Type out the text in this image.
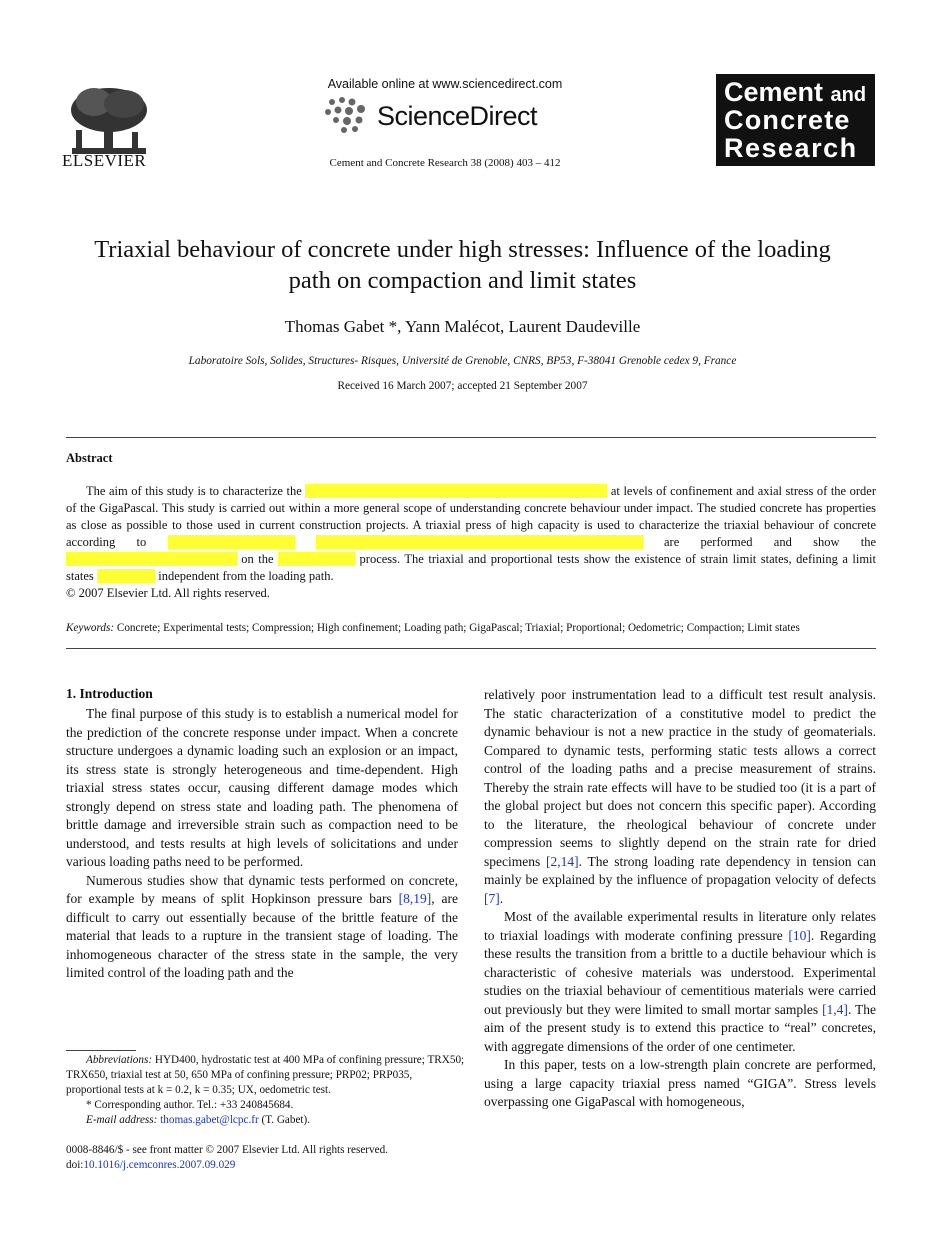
ELSEVIER
Available online at www.sciencedirect.com
ScienceDirect
Cement and Concrete Research 38 (2008) 403 – 412
Cement and
Concrete
Research
Triaxial behaviour of concrete under high stresses: Influence of the loading
path on compaction and limit states
Thomas Gabet *, Yann Malécot, Laurent Daudeville
Laboratoire Sols, Solides, Structures- Risques, Université de Grenoble, CNRS, BP53, F-38041 Grenoble cedex 9, France
Received 16 March 2007; accepted 21 September 2007
Abstract

The aim of this study is to characterize the xxxxxxxxxxxxxxxxxxxxxxxxxxxxxxxxxxxxxxxxxxxxxxxx at levels of confinement and axial stress of the order of the GigaPascal. This study is carried out within a more general scope of understanding concrete behaviour under impact. The studied concrete has properties as close as possible to those used in current construction projects. A triaxial press of high capacity is used to characterize the triaxial behaviour of concrete according to xxxxxxxxxxxxxxxxxxxx xxxxxxxxxxxxxxxxxxxxxxxxxxxxxxxxxxxxxxxxxxxxxxxxxxxx are performed and show the xxxxxxxxxxxxxxxxxxxxxxxxxxx on the xxxxxxxxxxxx process. The triaxial and proportional tests show the existence of strain limit states, defining a limit states xxxxxxxxx independent from the loading path.

© 2007 Elsevier Ltd. All rights reserved.
Keywords: Concrete; Experimental tests; Compression; High confinement; Loading path; GigaPascal; Triaxial; Proportional; Oedometric; Compaction; Limit states
1. Introduction

The final purpose of this study is to establish a numerical model for the prediction of the concrete response under impact. When a concrete structure undergoes a dynamic loading such an explosion or an impact, its stress state is strongly heterogeneous and time-dependent. High triaxial stress states occur, causing different damage modes which strongly depend on stress state and loading path. The phenomena of brittle damage and irreversible strain such as compaction need to be understood, and tests results at high levels of solicitations and under various loading paths need to be performed.

Numerous studies show that dynamic tests performed on concrete, for example by means of split Hopkinson pressure bars [8,19], are difficult to carry out essentially because of the brittle feature of the material that leads to a rupture in the transient stage of loading. The inhomogeneous character of the stress state in the sample, the very limited control of the loading path and the

relatively poor instrumentation lead to a difficult test result analysis. The static characterization of a constitutive model to predict the dynamic behaviour is not a new practice in the study of geomaterials. Compared to dynamic tests, performing static tests allows a correct control of the loading paths and a precise measurement of strains. Thereby the strain rate effects will have to be studied too (it is a part of the global project but does not concern this specific paper). According to the literature, the rheological behaviour of concrete under compression seems to slightly depend on the strain rate for dried specimens [2,14]. The strong loading rate dependency in tension can mainly be explained by the influence of propagation velocity of defects [7].

Most of the available experimental results in literature only relates to triaxial loadings with moderate confining pressure [10]. Regarding these results the transition from a brittle to a ductile behaviour which is characteristic of cohesive materials was understood. Experimental studies on the triaxial behaviour of cementitious materials were carried out previously but they were limited to small mortar samples [1,4]. The aim of the present study is to extend this practice to “real” concretes, with aggregate dimensions of the order of one centimeter.

In this paper, tests on a low-strength plain concrete are performed, using a large capacity triaxial press named “GIGA”. Stress levels overpassing one GigaPascal with homogeneous,

Abbreviations: HYD400, hydrostatic test at 400 MPa of confining pressure; TRX50; TRX650, triaxial test at 50, 650 MPa of confining pressure; PRP02; PRP035, proportional tests at k = 0.2, k = 0.35; UX, oedometric test.
* Corresponding author. Tel.: +33 240845684.
E-mail address: thomas.gabet@lcpc.fr (T. Gabet).
0008-8846/$ - see front matter © 2007 Elsevier Ltd. All rights reserved.
doi:10.1016/j.cemconres.2007.09.029
